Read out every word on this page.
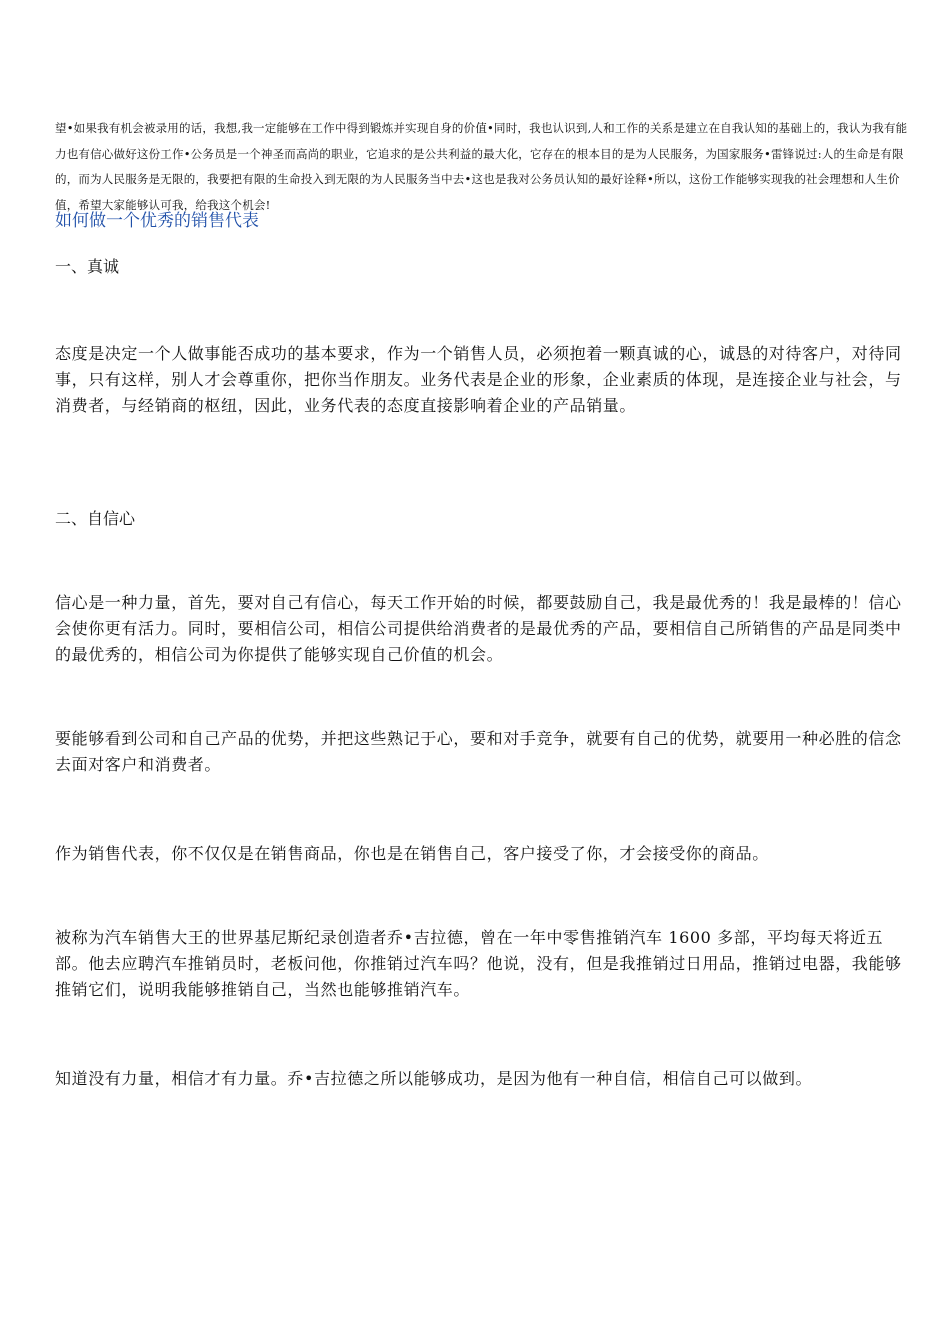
望•如果我有机会被录用的话，我想,我一定能够在工作中得到锻炼并实现自身的价值•同时，我也认识到,人和工作的关系是建立在自我认知的基础上的，我认为我有能力也有信心做好这份工作•公务员是一个神圣而高尚的职业，它追求的是公共利益的最大化，它存在的根本目的是为人民服务，为国家服务•雷锋说过:人的生命是有限的，而为人民服务是无限的，我要把有限的生命投入到无限的为人民服务当中去•这也是我对公务员认知的最好诠释•所以，这份工作能够实现我的社会理想和人生价值，希望大家能够认可我，给我这个机会!
如何做一个优秀的销售代表
一、真诚
态度是决定一个人做事能否成功的基本要求，作为一个销售人员，必须抱着一颗真诚的心，诚恳的对待客户，对待同事，只有这样，别人才会尊重你，把你当作朋友。业务代表是企业的形象，企业素质的体现，是连接企业与社会，与消费者，与经销商的枢纽，因此，业务代表的态度直接影响着企业的产品销量。
二、自信心
信心是一种力量，首先，要对自己有信心，每天工作开始的时候，都要鼓励自己，我是最优秀的！我是最棒的！信心会使你更有活力。同时，要相信公司，相信公司提供给消费者的是最优秀的产品，要相信自己所销售的产品是同类中的最优秀的，相信公司为你提供了能够实现自己价值的机会。
要能够看到公司和自己产品的优势，并把这些熟记于心，要和对手竞争，就要有自己的优势，就要用一种必胜的信念去面对客户和消费者。
作为销售代表，你不仅仅是在销售商品，你也是在销售自己，客户接受了你，才会接受你的商品。
被称为汽车销售大王的世界基尼斯纪录创造者乔•吉拉德，曾在一年中零售推销汽车 1600 多部，平均每天将近五部。他去应聘汽车推销员时，老板问他，你推销过汽车吗？他说，没有，但是我推销过日用品，推销过电器，我能够推销它们，说明我能够推销自己，当然也能够推销汽车。
知道没有力量，相信才有力量。乔•吉拉德之所以能够成功，是因为他有一种自信，相信自己可以做到。
